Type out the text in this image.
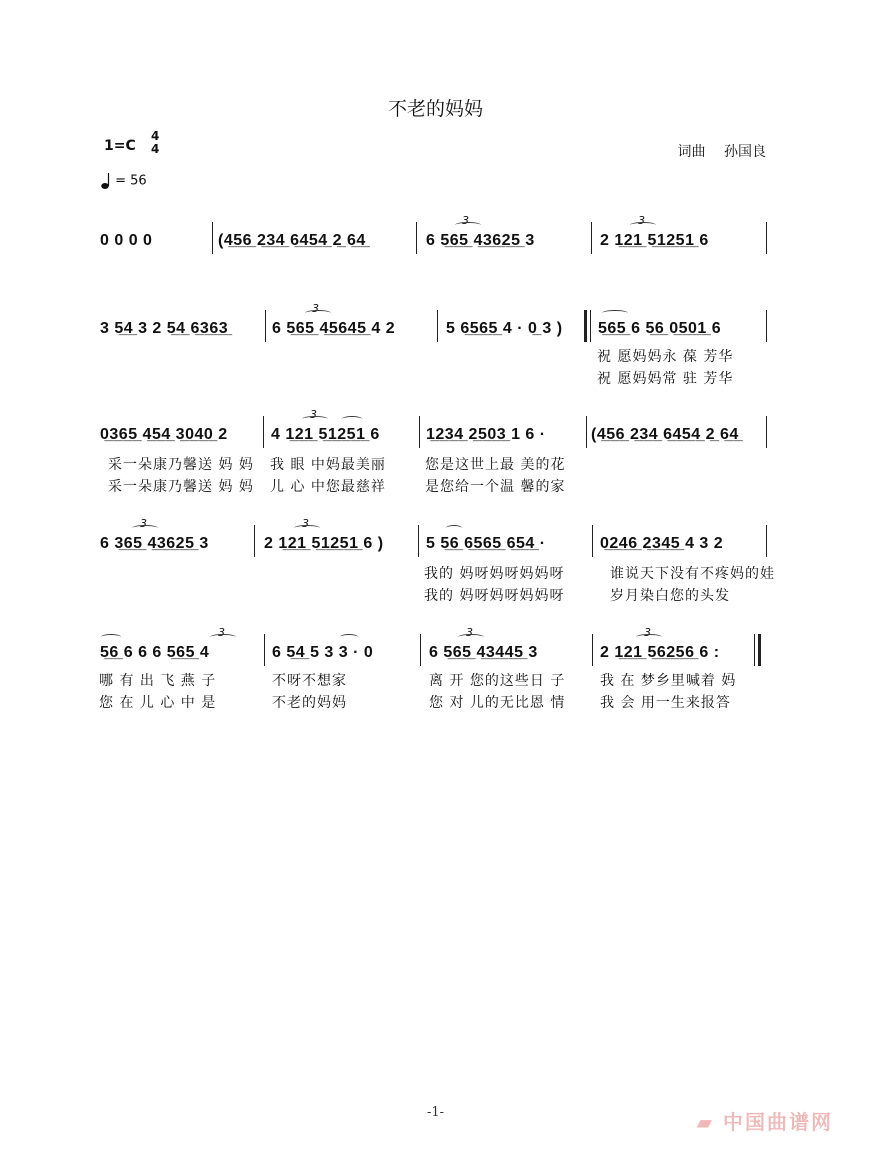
不老的妈妈
1=C
4
4	词曲　 孙国良
= 56
0 0 0 0	(4̲5̲6̲ 2̲3̲4̲ 6̲4̲5̲4̲ 2̲ 6̲4̲	6 5̲6̲5̲ 4̲3̲6̲2̲5̲ 3	2 1̲2̲1̲ 5̲1̲2̲5̲1̲ 6
3	3
3 5̲4̲ 3 2 5̲4̲ 6̲3̲6̲3̲	6 5̲6̲5̲ 4̲5̲6̲4̲5̲ 4 2	5 6̲5̲6̲5̲ 4 · 0̲ 3 ) 5̲6̲5̲ 6 5̲6̲ 0̲5̲0̲1̲ 6
3
祝 愿妈妈永 葆 芳华
祝 愿妈妈常 驻 芳华
0̲3̲6̲5̲ 4̲5̲4̲ 3̲0̲4̲0̲ 2	4 1̲2̲1̲ 5̲1̲2̲5̲1̲ 6	1̲2̲3̲4̲ 2̲5̲0̲3̲ 1 6 ·	(4̲5̲6̲ 2̲3̲4̲ 6̲4̲5̲4̲ 2̲ 6̲4̲
3
采一朵康乃馨送 妈 妈 我 眼 中妈最美丽	您是这世上最 美的花
采一朵康乃馨送 妈 妈 儿 心 中您最慈祥	是您给一个温 馨的家
6 3̲6̲5̲ 4̲3̲6̲2̲5̲ 3	2 1̲2̲1̲ 5̲1̲2̲5̲1̲ 6 )	5 5̲6̲ 6̲5̲6̲5̲ 6̲5̲4̲ ·	0̲2̲4̲6̲ 2̲3̲4̲5̲ 4 3 2
3	3
我的 妈呀妈呀妈妈呀	谁说天下没有不疼妈的娃
我的 妈呀妈呀妈妈呀	岁月染白您的头发
5̲6̲ 6 6 6 5̲6̲5̲ 4	6 5̲4̲ 5 3 3 · 0	6 5̲6̲5̲ 4̲3̲4̲4̲5̲ 3	2 1̲2̲1̲ 5̲6̲2̲5̲6̲ 6 :
3	3	3
哪 有 出 飞 燕 子	不呀不想家	离 开 您的这些日 子 我 在 梦乡里喊着 妈
您 在 儿 心 中 是	不老的妈妈	您 对 儿的无比恩 情 我 会 用一生来报答
-1-	▰ 中国曲谱网
